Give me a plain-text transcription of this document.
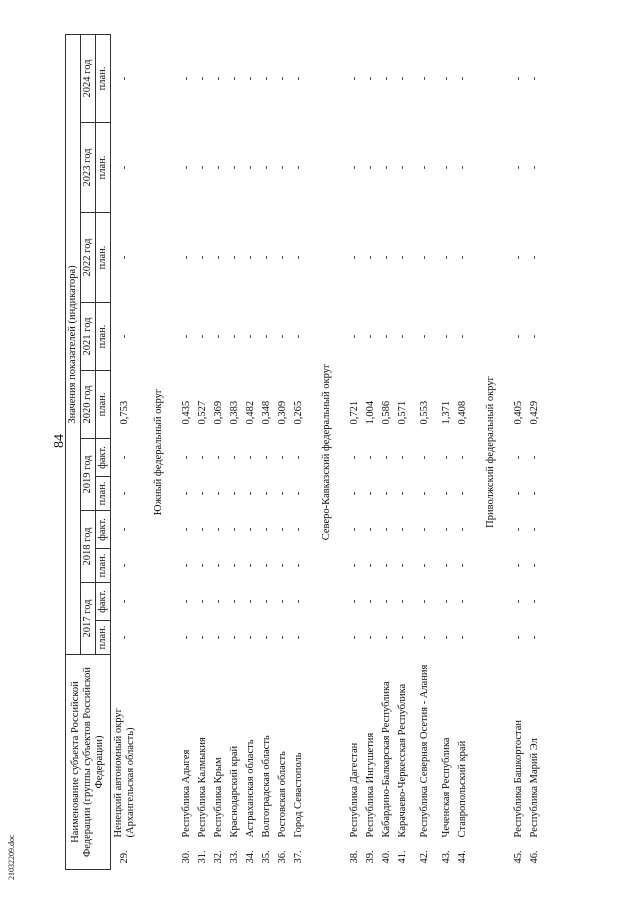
84
21032209.doc
Наименование субъекта Российской Федерации (группы субъектов Российской Федерации)		Значения показателей (индикатора)										
		2017 год		2018 год		2019 год		2020 год	2021 год	2022 год	2023 год	2024 год
		план.	факт.	план.	факт.	план.	факт.	план.	план.	план.	план.	план.
29.	Ненецкий автономный округ (Архангельская область)	-	-	-	-	-	-	0,753	-	-	-	-
Южный федеральный округ												
30.	Республика Адыгея	-	-	-	-	-	-	0,435	-	-	-	-
31.	Республика Калмыкия	-	-	-	-	-	-	0,527	-	-	-	-
32.	Республика Крым	-	-	-	-	-	-	0,369	-	-	-	-
33.	Краснодарский край	-	-	-	-	-	-	0,383	-	-	-	-
34.	Астраханская область	-	-	-	-	-	-	0,482	-	-	-	-
35.	Волгоградская область	-	-	-	-	-	-	0,348	-	-	-	-
36.	Ростовская область	-	-	-	-	-	-	0,309	-	-	-	-
37.	Город Севастополь	-	-	-	-	-	-	0,265	-	-	-	-
Северо-Кавказский федеральный округ												
38.	Республика Дагестан	-	-	-	-	-	-	0,721	-	-	-	-
39.	Республика Ингушетия	-	-	-	-	-	-	1,004	-	-	-	-
40.	Кабардино-Балкарская Республика	-	-	-	-	-	-	0,586	-	-	-	-
41.	Карачаево-Черкесская Республика	-	-	-	-	-	-	0,571	-	-	-	-
42.	Республика Северная Осетия - Алания	-	-	-	-	-	-	0,553	-	-	-	-
43.	Чеченская Республика	-	-	-	-	-	-	1,371	-	-	-	-
44.	Ставропольский край	-	-	-	-	-	-	0,408	-	-	-	-
Приволжский федеральный округ												
45.	Республика Башкортостан	-	-	-	-	-	-	0,405	-	-	-	-
46.	Республика Марий Эл	-	-	-	-	-	-	0,429	-	-	-	-
